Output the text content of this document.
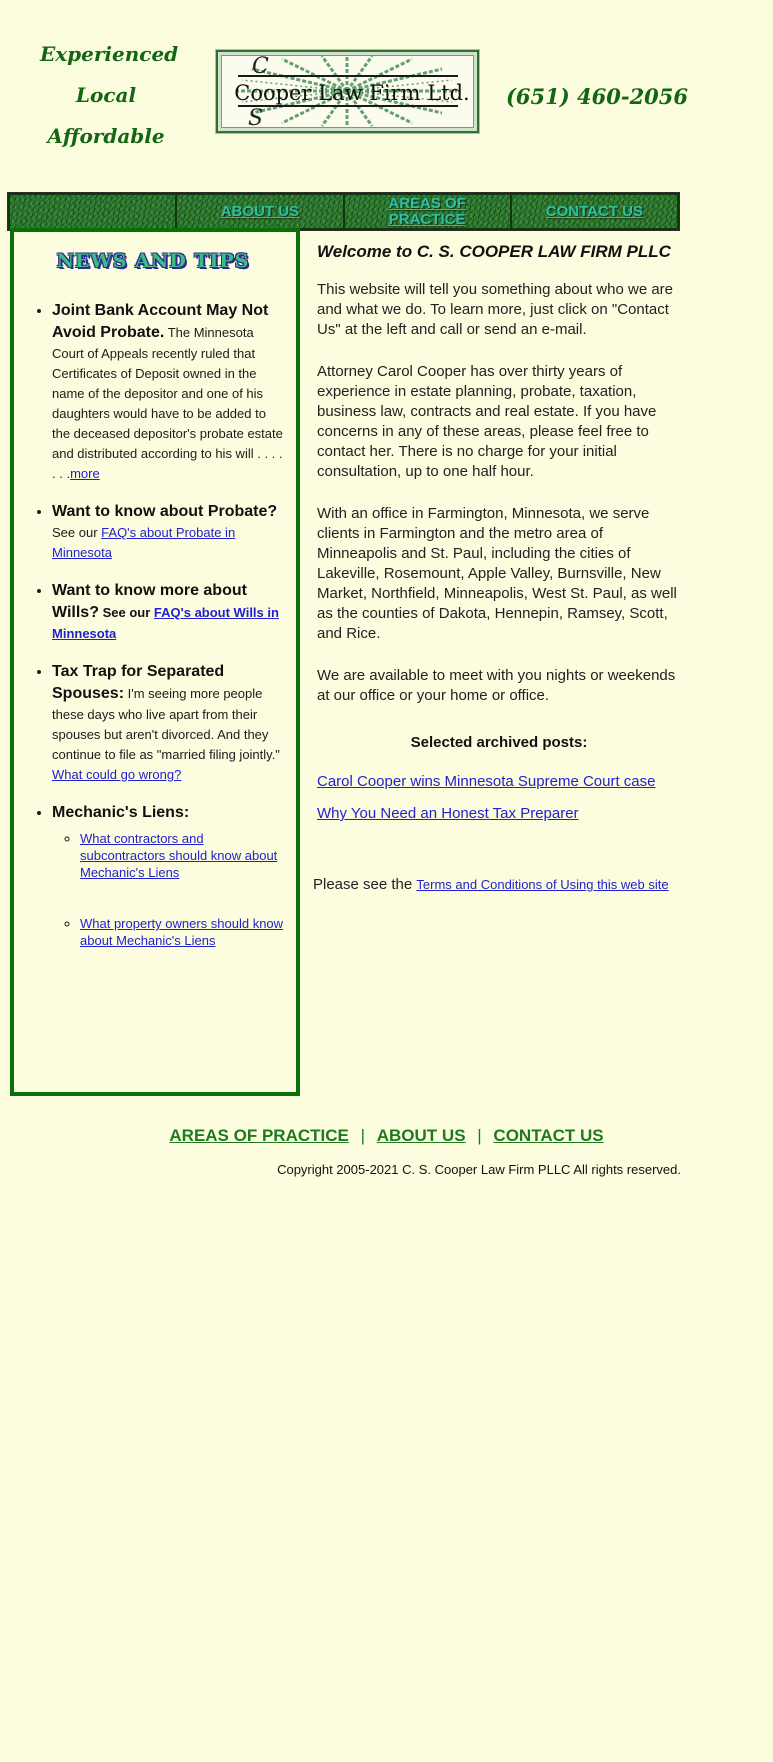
Experienced
Local
Affordable
C
S
Cooper Law Firm Ltd. (651) 460-2056
ABOUT US	AREAS OF PRACTICE	CONTACT US
NEWS AND TIPS
• Joint Bank Account May Not Avoid Probate. The Minnesota Court of Appeals recently ruled that Certificates of Deposit owned in the name of the depositor and one of his daughters would have to be added to the deceased depositor's probate estate and distributed according to his will . . . . . . .more
• Want to know about Probate? See our FAQ's about Probate in Minnesota
• Want to know more about Wills? See our FAQ's about Wills in Minnesota
• Tax Trap for Separated Spouses: I'm seeing more people these days who live apart from their spouses but aren't divorced. And they continue to file as "married filing jointly."
What could go wrong?
• Mechanic's Liens:
◦ What contractors and subcontractors should know about Mechanic's Liens
◦ What property owners should know about Mechanic's Liens
Welcome to C. S. COOPER LAW FIRM PLLC

This website will tell you something about who we are and what we do. To learn more, just click on "Contact Us" at the left and call or send an e-mail.

Attorney Carol Cooper has over thirty years of experience in estate planning, probate, taxation, business law, contracts and real estate. If you have concerns in any of these areas, please feel free to contact her. There is no charge for your initial consultation, up to one half hour.

With an office in Farmington, Minnesota, we serve clients in Farmington and the metro area of Minneapolis and St. Paul, including the cities of Lakeville, Rosemount, Apple Valley, Burnsville, New Market, Northfield, Minneapolis, West St. Paul, as well as the counties of Dakota, Hennepin, Ramsey, Scott, and Rice.

We are available to meet with you nights or weekends at our office or your home or office.

Selected archived posts:
Carol Cooper wins Minnesota Supreme Court case
Why You Need an Honest Tax Preparer
Please see the Terms and Conditions of Using this web site
AREAS OF PRACTICE | ABOUT US | CONTACT US
Copyright 2005-2021 C. S. Cooper Law Firm PLLC All rights reserved.
